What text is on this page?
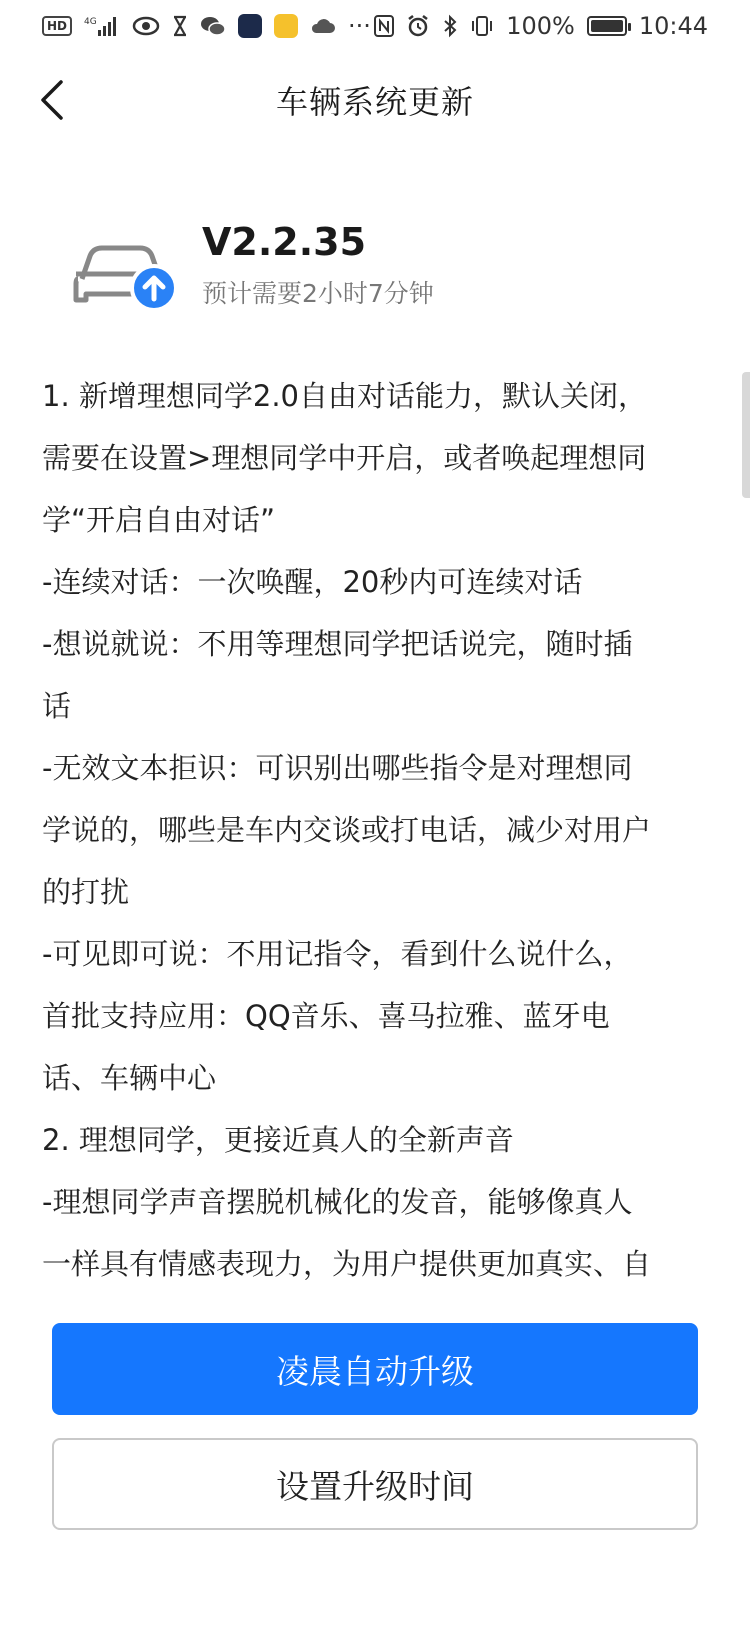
HD	4G	···	100%	10:44
车辆系统更新
V2.2.35
预计需要2小时7分钟
1. 新增理想同学2.0自由对话能力，默认关闭，
需要在设置>理想同学中开启，或者唤起理想同
学“开启自由对话”
-连续对话：一次唤醒，20秒内可连续对话
-想说就说：不用等理想同学把话说完，随时插
话
-无效文本拒识：可识别出哪些指令是对理想同
学说的，哪些是车内交谈或打电话，减少对用户
的打扰
-可见即可说：不用记指令，看到什么说什么，
首批支持应用：QQ音乐、喜马拉雅、蓝牙电
话、车辆中心
2. 理想同学，更接近真人的全新声音
-理想同学声音摆脱机械化的发音，能够像真人
一样具有情感表现力，为用户提供更加真实、自
凌晨自动升级
设置升级时间
